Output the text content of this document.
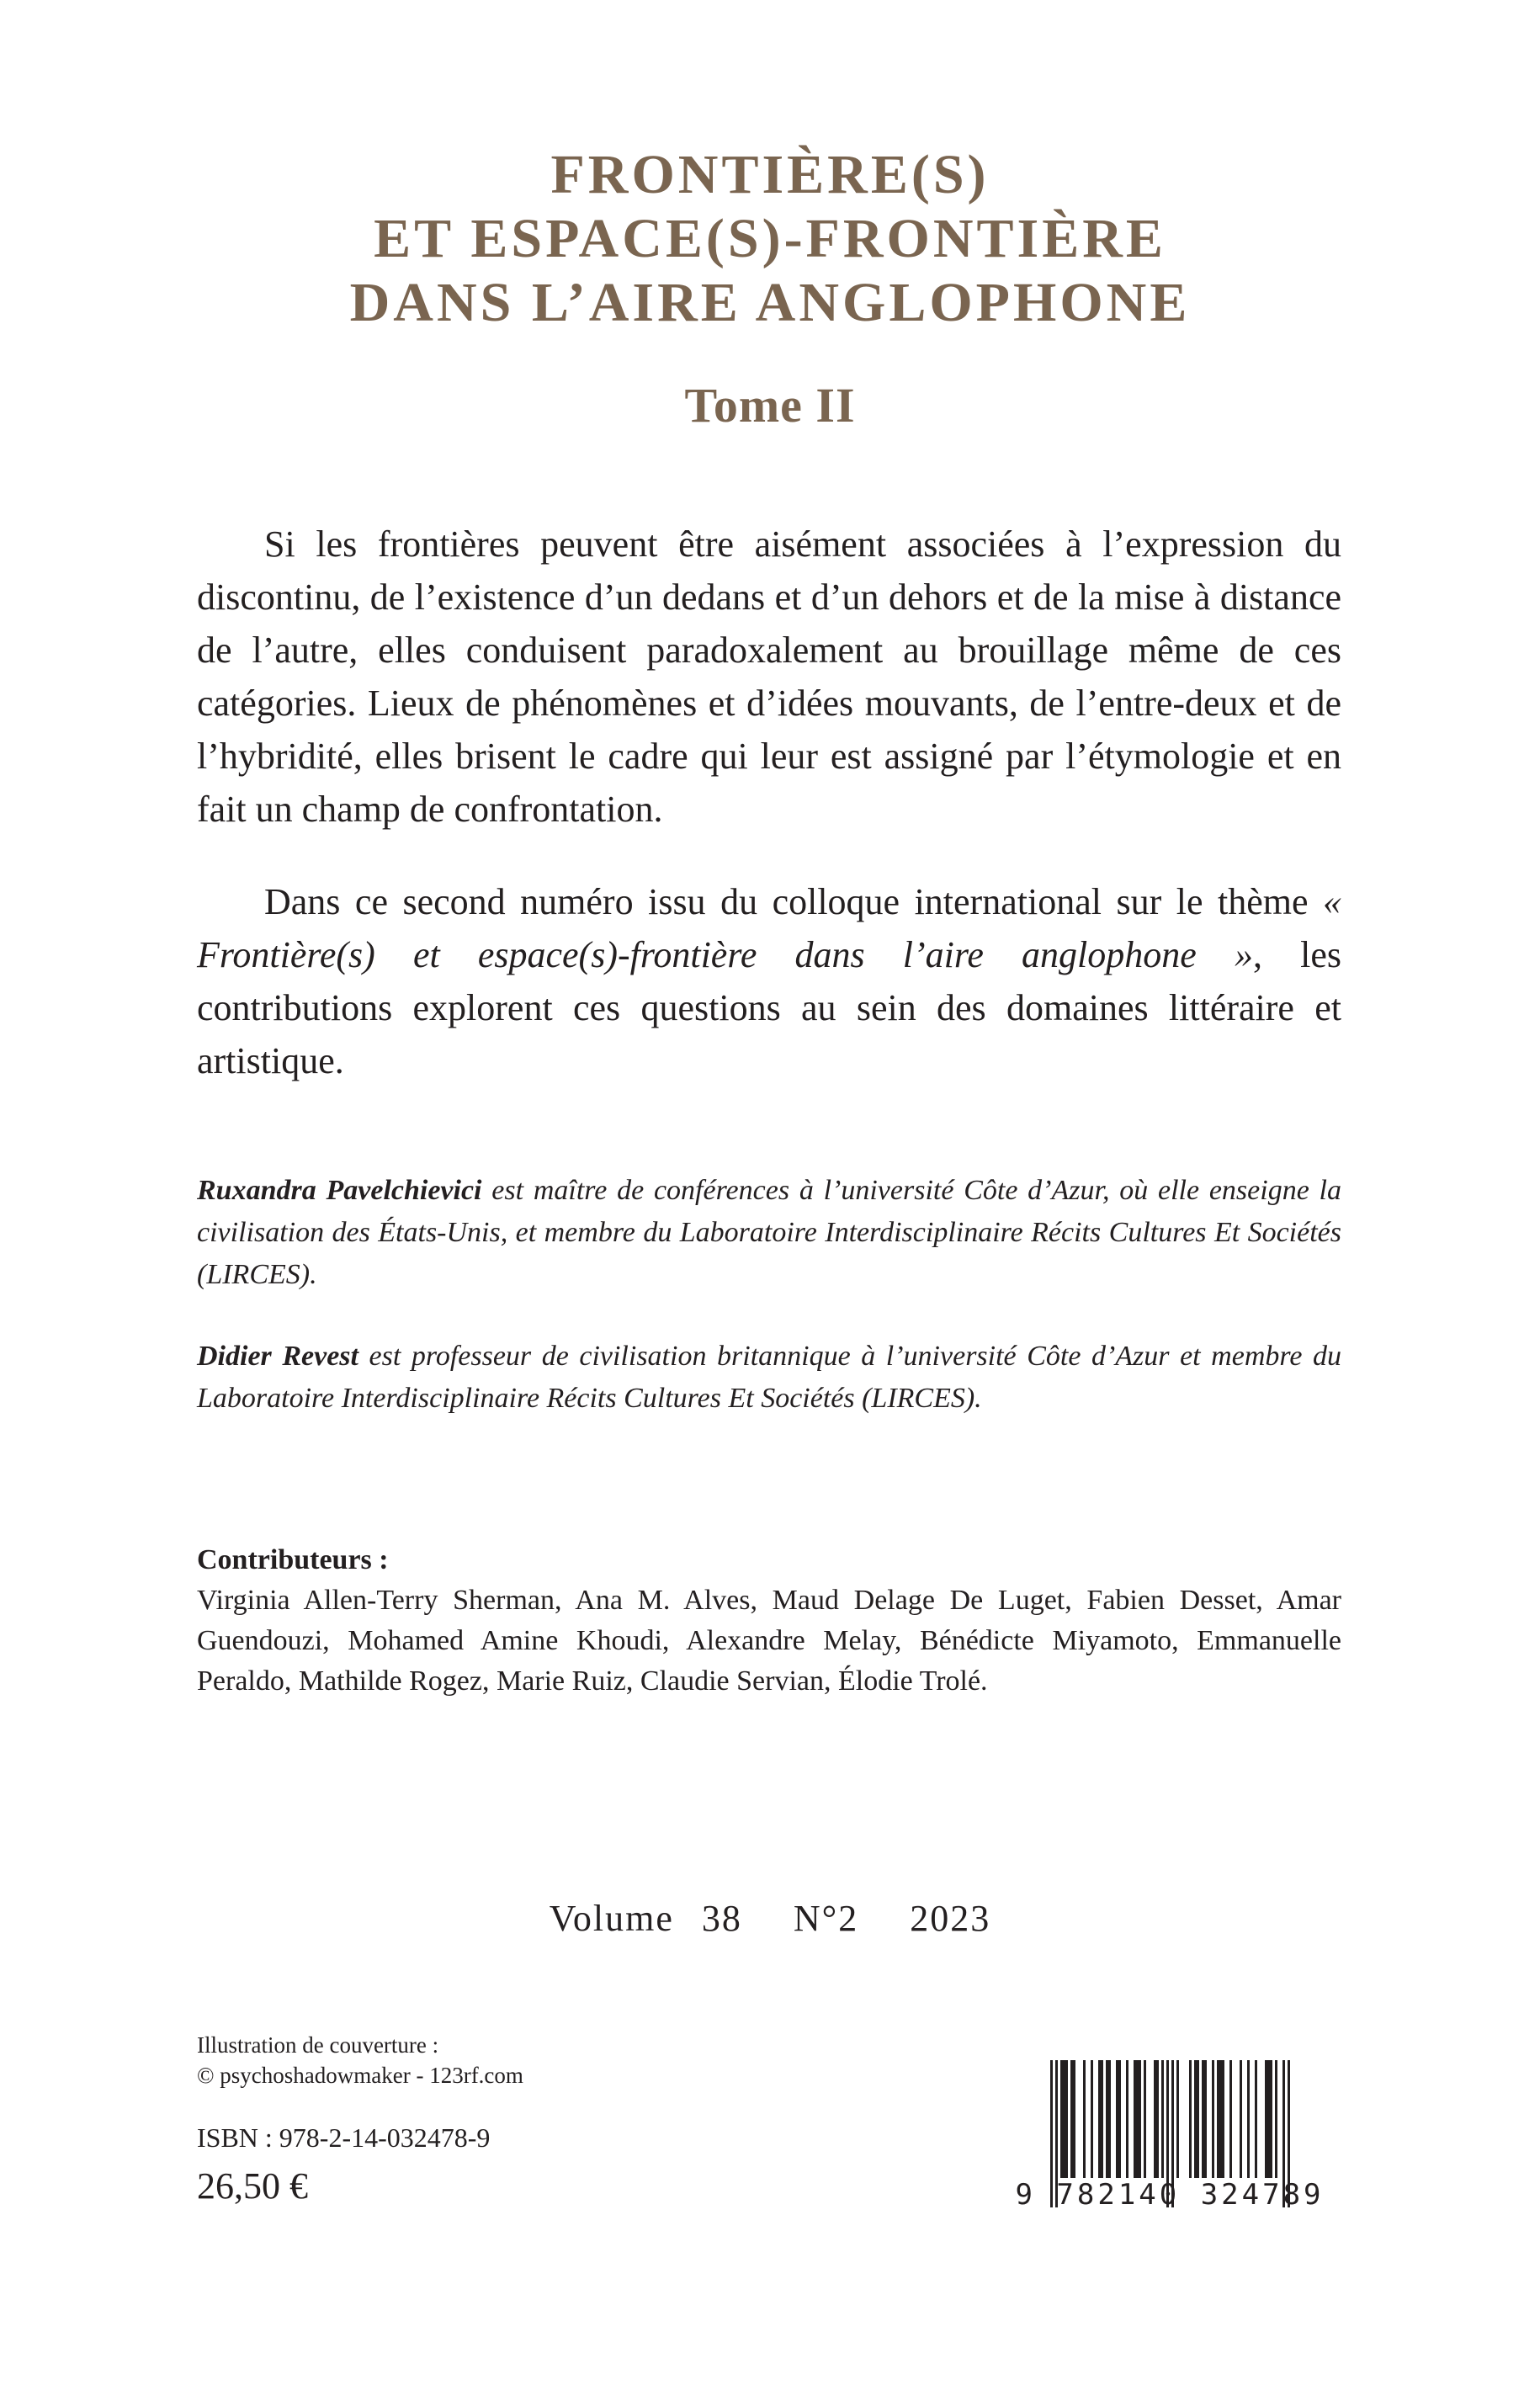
FRONTIÈRE(S)
ET ESPACE(S)-FRONTIÈRE
DANS L’AIRE ANGLOPHONE
Tome II

Si les frontières peuvent être aisément associées à l’expression du discontinu, de l’existence d’un dedans et d’un dehors et de la mise à distance de l’autre, elles conduisent paradoxalement au brouillage même de ces catégories. Lieux de phénomènes et d’idées mouvants, de l’entre-deux et de l’hybridité, elles brisent le cadre qui leur est assigné par l’étymologie et en fait un champ de confrontation.

Dans ce second numéro issu du colloque international sur le thème « Frontière(s) et espace(s)-frontière dans l’aire anglophone », les contributions explorent ces questions au sein des domaines littéraire et artistique.

Ruxandra Pavelchievici est maître de conférences à l’université Côte d’Azur, où elle enseigne la civilisation des États-Unis, et membre du Laboratoire Interdisciplinaire Récits Cultures Et Sociétés (LIRCES).

Didier Revest est professeur de civilisation britannique à l’université Côte d’Azur et membre du Laboratoire Interdisciplinaire Récits Cultures Et Sociétés (LIRCES).

Contributeurs :
Virginia Allen-Terry Sherman, Ana M. Alves, Maud Delage De Luget, Fabien Desset, Amar Guendouzi, Mohamed Amine Khoudi, Alexandre Melay, Bénédicte Miyamoto, Emmanuelle Peraldo, Mathilde Rogez, Marie Ruiz, Claudie Servian, Élodie Trolé.
Volume 38 N°2 2023
Illustration de couverture :
© psychoshadowmaker - 123rf.com
ISBN : 978-2-14-032478-9
26,50 €	9 782140 324789
